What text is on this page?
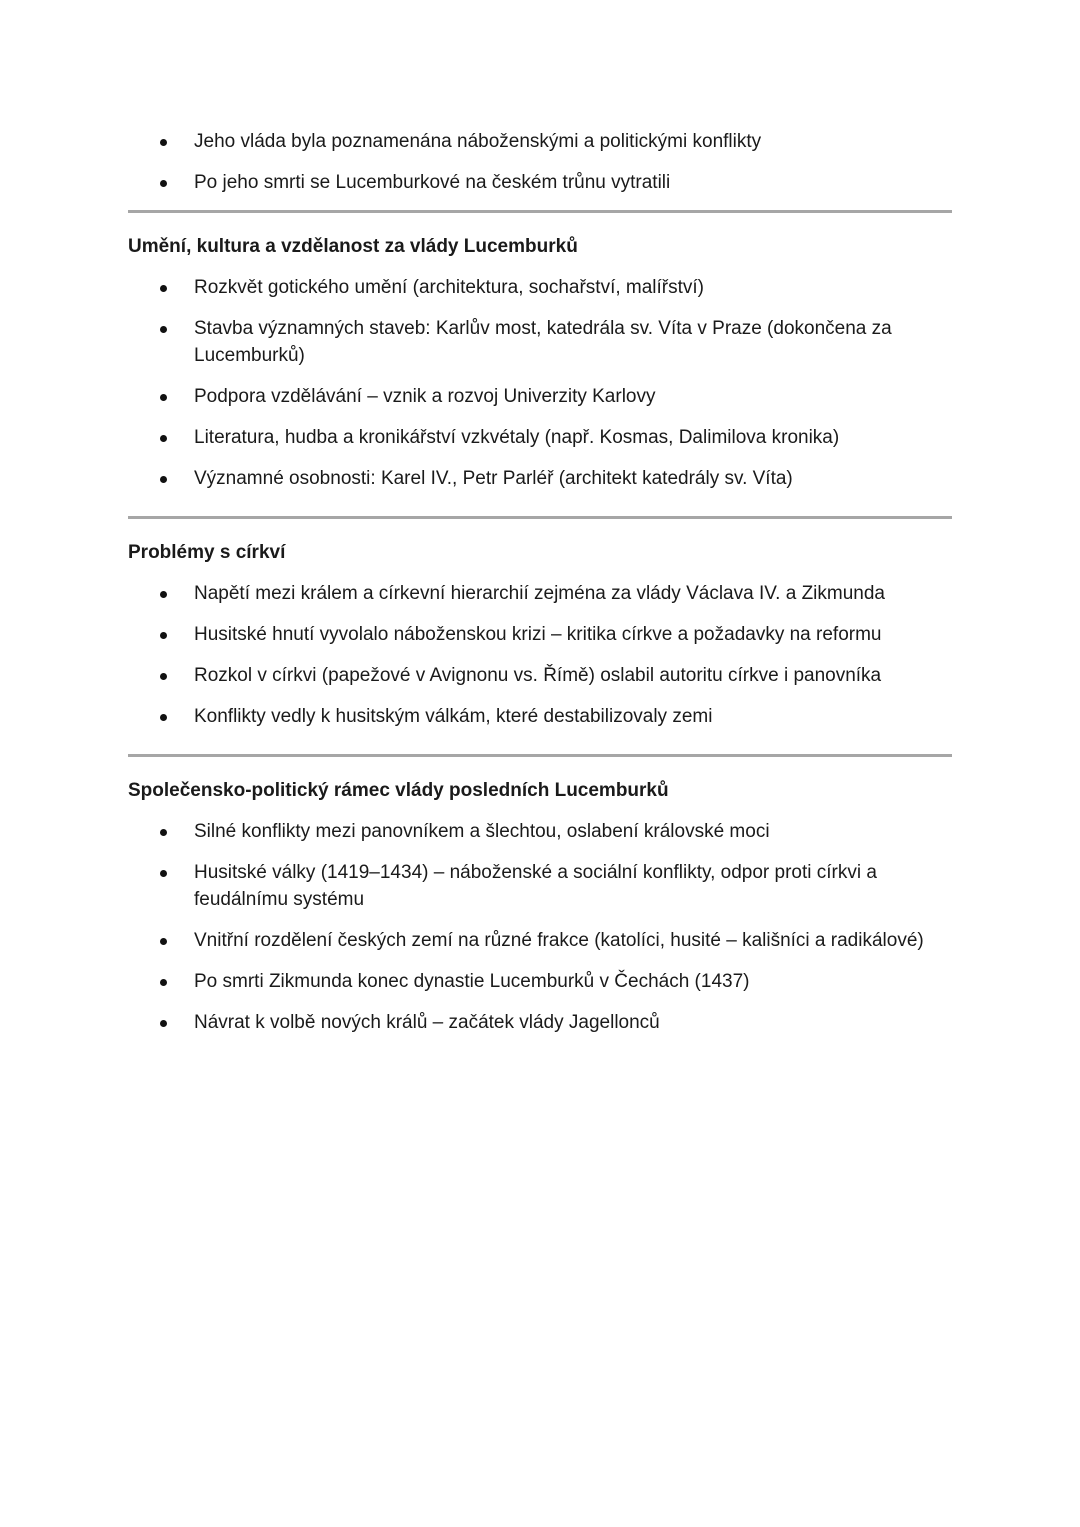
Jeho vláda byla poznamenána náboženskými a politickými konflikty
Po jeho smrti se Lucemburkové na českém trůnu vytratili
Umění, kultura a vzdělanost za vlády Lucemburků
Rozkvět gotického umění (architektura, sochařství, malířství)
Stavba významných staveb: Karlův most, katedrála sv. Víta v Praze (dokončena za Lucemburků)
Podpora vzdělávání – vznik a rozvoj Univerzity Karlovy
Literatura, hudba a kronikářství vzkvétaly (např. Kosmas, Dalimilova kronika)
Významné osobnosti: Karel IV., Petr Parléř (architekt katedrály sv. Víta)
Problémy s církví
Napětí mezi králem a církevní hierarchií zejména za vlády Václava IV. a Zikmunda
Husitské hnutí vyvolalo náboženskou krizi – kritika církve a požadavky na reformu
Rozkol v církvi (papežové v Avignonu vs. Římě) oslabil autoritu církve i panovníka
Konflikty vedly k husitským válkám, které destabilizovaly zemi
Společensko-politický rámec vlády posledních Lucemburků
Silné konflikty mezi panovníkem a šlechtou, oslabení královské moci
Husitské války (1419–1434) – náboženské a sociální konflikty, odpor proti církvi a feudálnímu systému
Vnitřní rozdělení českých zemí na různé frakce (katolíci, husité – kališníci a radikálové)
Po smrti Zikmunda konec dynastie Lucemburků v Čechách (1437)
Návrat k volbě nových králů – začátek vlády Jagellonců
